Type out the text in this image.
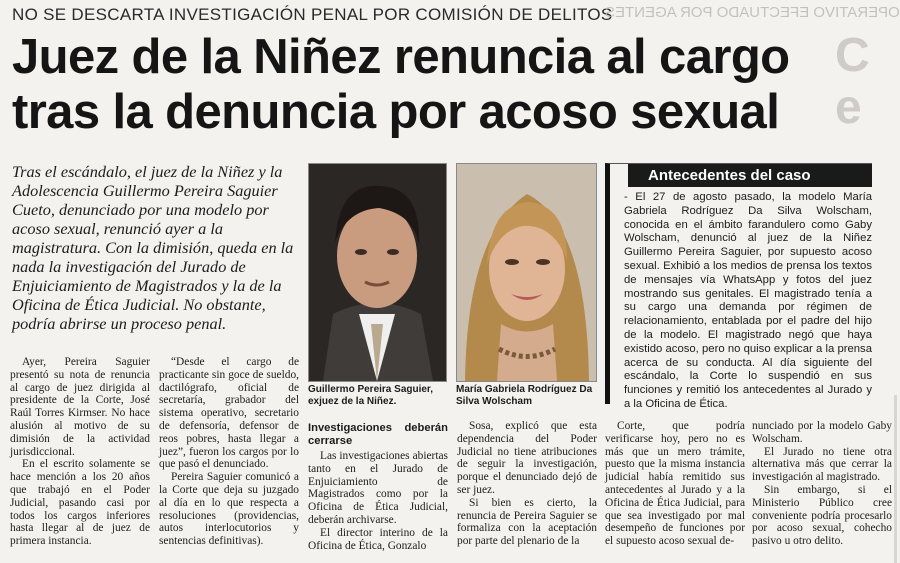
NO SE DESCARTA INVESTIGACIÓN PENAL POR COMISIÓN DE DELITOS
OPERATIVO EFECTUADO POR AGENTES
C
e
Juez de la Niñez renuncia al cargo tras la denuncia por acoso sexual

Tras el escándalo, el juez de la Niñez y la Adolescencia Guillermo Pereira Saguier Cueto, denunciado por una modelo por acoso sexual, renunció ayer a la magistratura. Con la dimisión, queda en la nada la investigación del Jurado de Enjuiciamiento de Magistrados y la de la Oficina de Ética Judicial. No obstante, podría abrirse un proceso penal.

Guillermo Pereira Saguier, exjuez de la Niñez.

María Gabriela Rodríguez Da Silva Wolscham

Antecedentes del caso
- El 27 de agosto pasado, la modelo María Gabriela Rodríguez Da Silva Wolscham, conocida en el ámbito farandulero como Gaby Wolscham, denunció al juez de la Niñez Guillermo Pereira Saguier, por supuesto acoso sexual. Exhibió a los medios de prensa los textos de mensajes vía WhatsApp y fotos del juez mostrando sus genitales. El magistrado tenía a su cargo una demanda por régimen de relacionamiento, entablada por el padre del hijo de la modelo. El magistrado negó que haya existido acoso, pero no quiso explicar a la prensa acerca de su conducta. Al día siguiente del escándalo, la Corte lo suspendió en sus funciones y remitió los antecedentes al Jurado y a la Oficina de Ética.

Ayer, Pereira Saguier presentó su nota de renuncia al cargo de juez dirigida al presidente de la Corte, José Raúl Torres Kirmser. No hace alusión al motivo de su dimisión de la actividad jurisdiccional.

En el escrito solamente se hace mención a los 20 años que trabajó en el Poder Judicial, pasando casi por todos los cargos inferiores hasta llegar al de juez de primera instancia.

“Desde el cargo de practicante sin goce de sueldo, dactilógrafo, oficial de secretaría, grabador del sistema operativo, secretario de defensoría, defensor de reos pobres, hasta llegar a juez”, fueron los cargos por lo que pasó el denunciado.

Pereira Saguier comunicó a la Corte que deja su juzgado al día en lo que respecta a resoluciones (providencias, autos interlocutorios y sentencias definitivas).

Investigaciones deberán cerrarse

Las investigaciones abiertas tanto en el Jurado de Enjuiciamiento de Magistrados como por la Oficina de Ética Judicial, deberán archivarse.

El director interino de la Oficina de Ética, Gonzalo

Sosa, explicó que esta dependencia del Poder Judicial no tiene atribuciones de seguir la investigación, porque el denunciado dejó de ser juez.

Si bien es cierto, la renuncia de Pereira Saguier se formaliza con la aceptación por parte del plenario de la

Corte, que podría verificarse hoy, pero no es más que un mero trámite, puesto que la misma instancia judicial había remitido sus antecedentes al Jurado y a la Oficina de Ética Judicial, para que sea investigado por mal desempeño de funciones por el supuesto acoso sexual de-

nunciado por la modelo Gaby Wolscham.

El Jurado no tiene otra alternativa más que cerrar la investigación al magistrado.

Sin embargo, si el Ministerio Público cree conveniente podría procesarlo por acoso sexual, cohecho pasivo u otro delito.
